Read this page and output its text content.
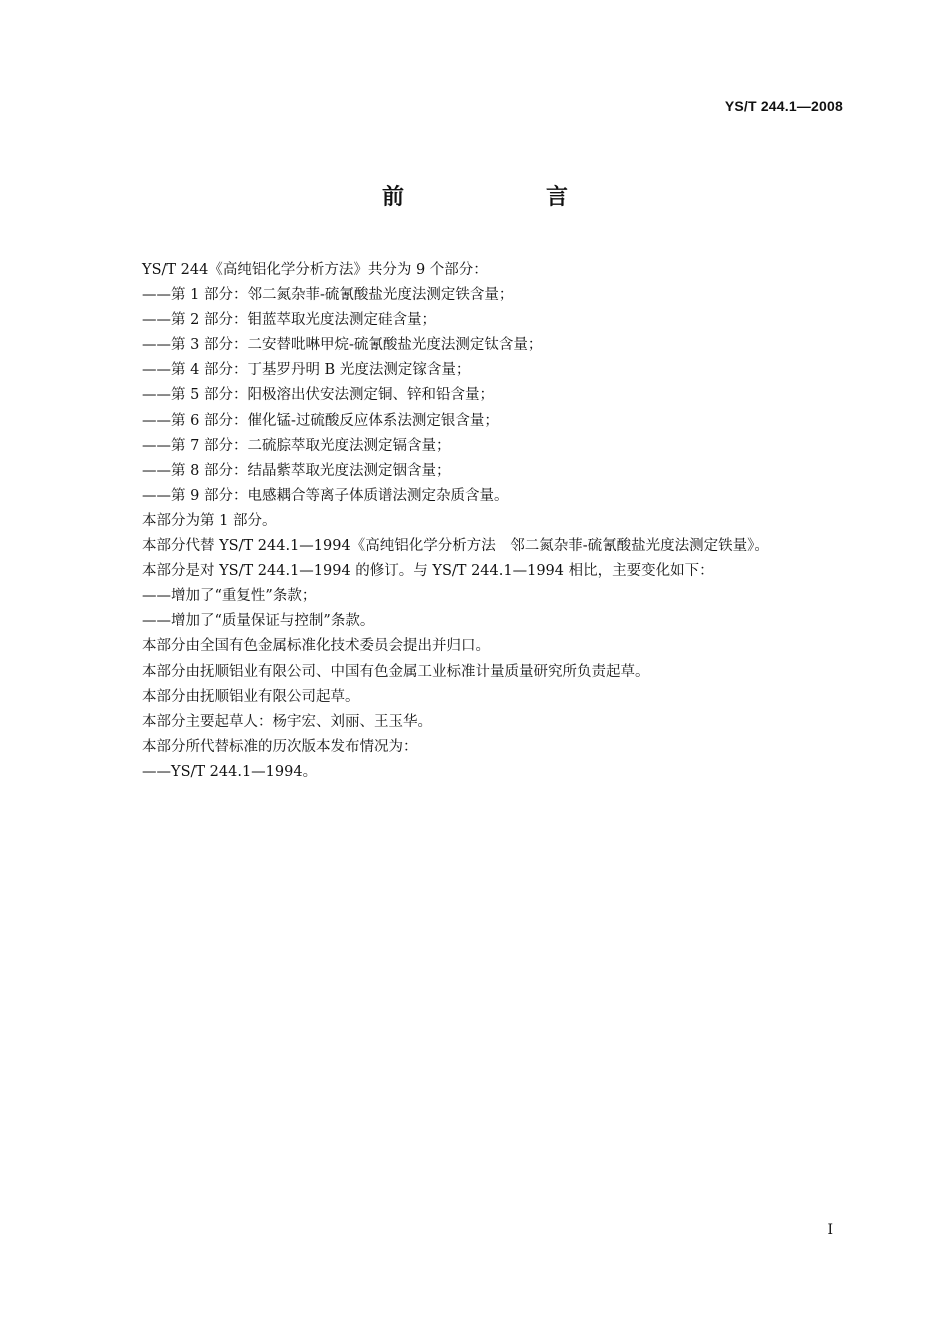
YS/T 244.1—2008
前　言
YS/T 244《高纯铝化学分析方法》共分为 9 个部分：
——第 1 部分：邻二氮杂菲-硫氰酸盐光度法测定铁含量；
——第 2 部分：钼蓝萃取光度法测定硅含量；
——第 3 部分：二安替吡啉甲烷-硫氰酸盐光度法测定钛含量；
——第 4 部分：丁基罗丹明 B 光度法测定镓含量；
——第 5 部分：阳极溶出伏安法测定铜、锌和铅含量；
——第 6 部分：催化锰-过硫酸反应体系法测定银含量；
——第 7 部分：二硫腙萃取光度法测定镉含量；
——第 8 部分：结晶紫萃取光度法测定铟含量；
——第 9 部分：电感耦合等离子体质谱法测定杂质含量。
本部分为第 1 部分。
本部分代替 YS/T 244.1—1994《高纯铝化学分析方法　邻二氮杂菲-硫氰酸盐光度法测定铁量》。
本部分是对 YS/T 244.1—1994 的修订。与 YS/T 244.1—1994 相比，主要变化如下：
——增加了“重复性”条款；
——增加了“质量保证与控制”条款。
本部分由全国有色金属标准化技术委员会提出并归口。
本部分由抚顺铝业有限公司、中国有色金属工业标准计量质量研究所负责起草。
本部分由抚顺铝业有限公司起草。
本部分主要起草人：杨宇宏、刘丽、王玉华。
本部分所代替标准的历次版本发布情况为：
——YS/T 244.1—1994。
I
